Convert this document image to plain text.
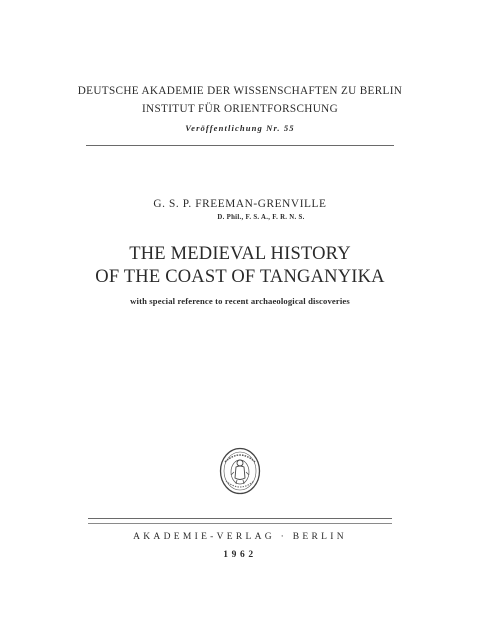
DEUTSCHE AKADEMIE DER WISSENSCHAFTEN ZU BERLIN
INSTITUT FÜR ORIENTFORSCHUNG
Veröffentlichung Nr. 55
G. S. P. FREEMAN-GRENVILLE
D. Phil., F. S. A., F. R. N. S.
THE MEDIEVAL HISTORY
OF THE COAST OF TANGANYIKA
with special reference to recent archaeological discoveries
AKADEMIE-VERLAG · BERLIN
1962
